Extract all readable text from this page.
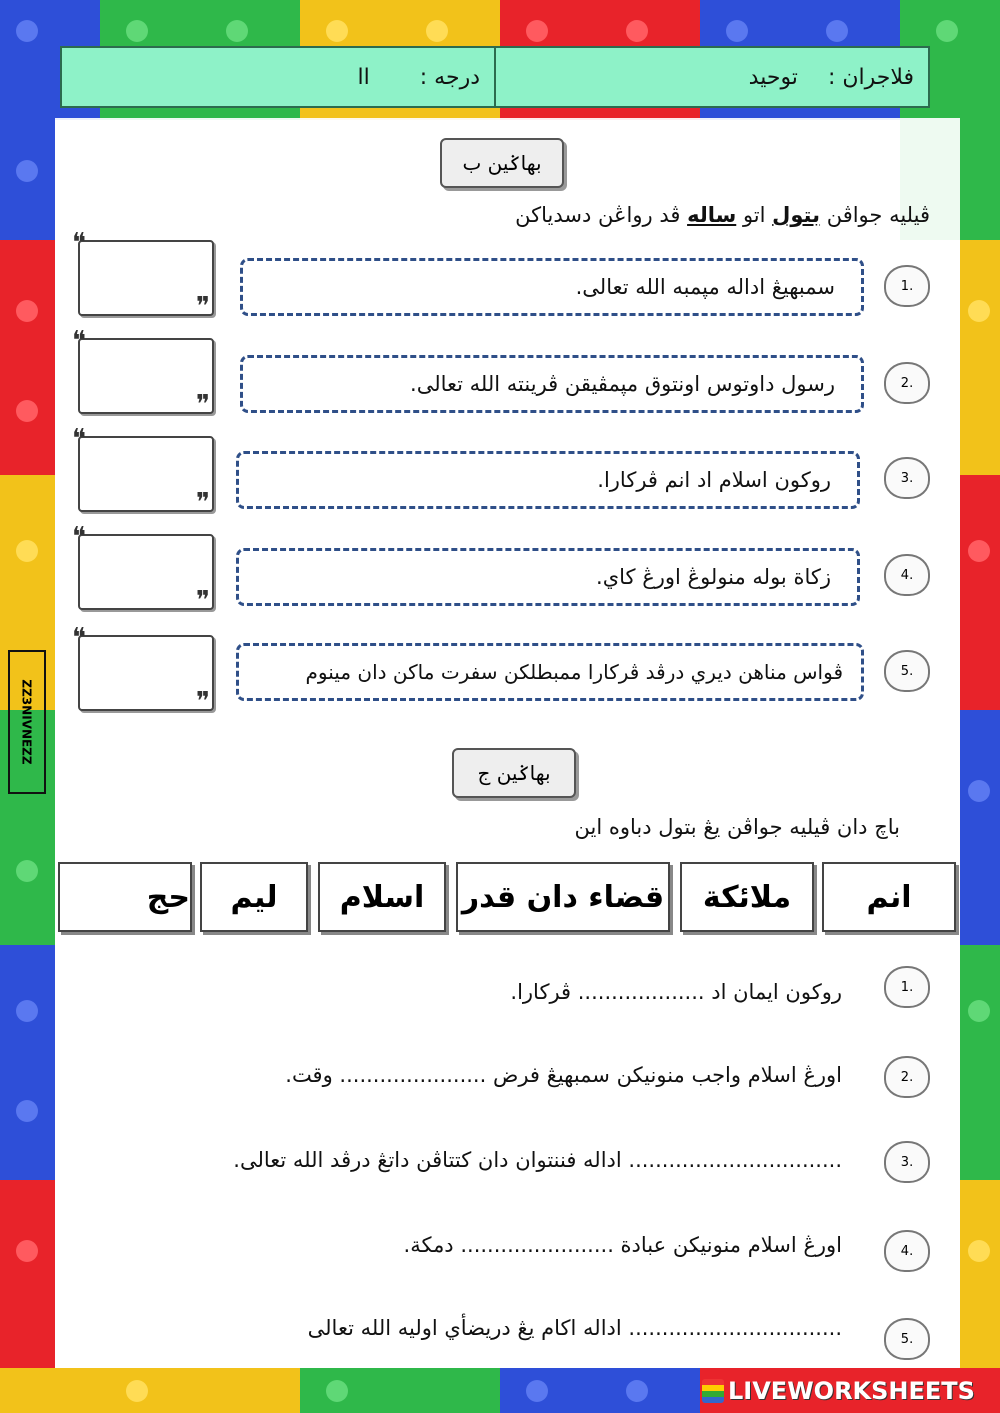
فلاجران :
توحيد
درجه :
اا
بهاݢين ب
ڤيليه جواڤن بتول اتو ساله ڤد رواڠن دسدياكن
1.
سمبهيڠ اداله مڽمبه الله تعالى.
❝
❞
2.
رسول داوتوس اونتوق مڽمڤيقن ڤرينته الله تعالى.
❝
❞
3.
روكون اسلام اد انم ڤركارا.
❝
❞
4.
زكاة بوله منولوڠ اورڠ كاي.
❝
❞
5.
ڤواس مناهن ديري درڤد ڤركارا ممبطلكن سفرت ماكن دان مينوم
❝
❞
ZZ3NIVNEZZ
بهاݢين ج
باچ دان ڤيليه جواڤن يڠ بتول دباوه اين
انم
ملائكة
قضاء دان قدر
اسلام
ليم
حج
1.
روكون ايمان اد ................... ڤركارا.
2.
اورڠ اسلام واجب منونيكن سمبهيڠ فرض ...................... وقت.
3.
................................ اداله فننتوان دان كتتاڤن داتڠ درڤد الله تعالى.
4.
اورڠ اسلام منونيكن عبادة ....................... دمكة.
5.
................................ اداله اكام يڠ دريضأي اوليه الله تعالى
LIVEWORKSHEETS
